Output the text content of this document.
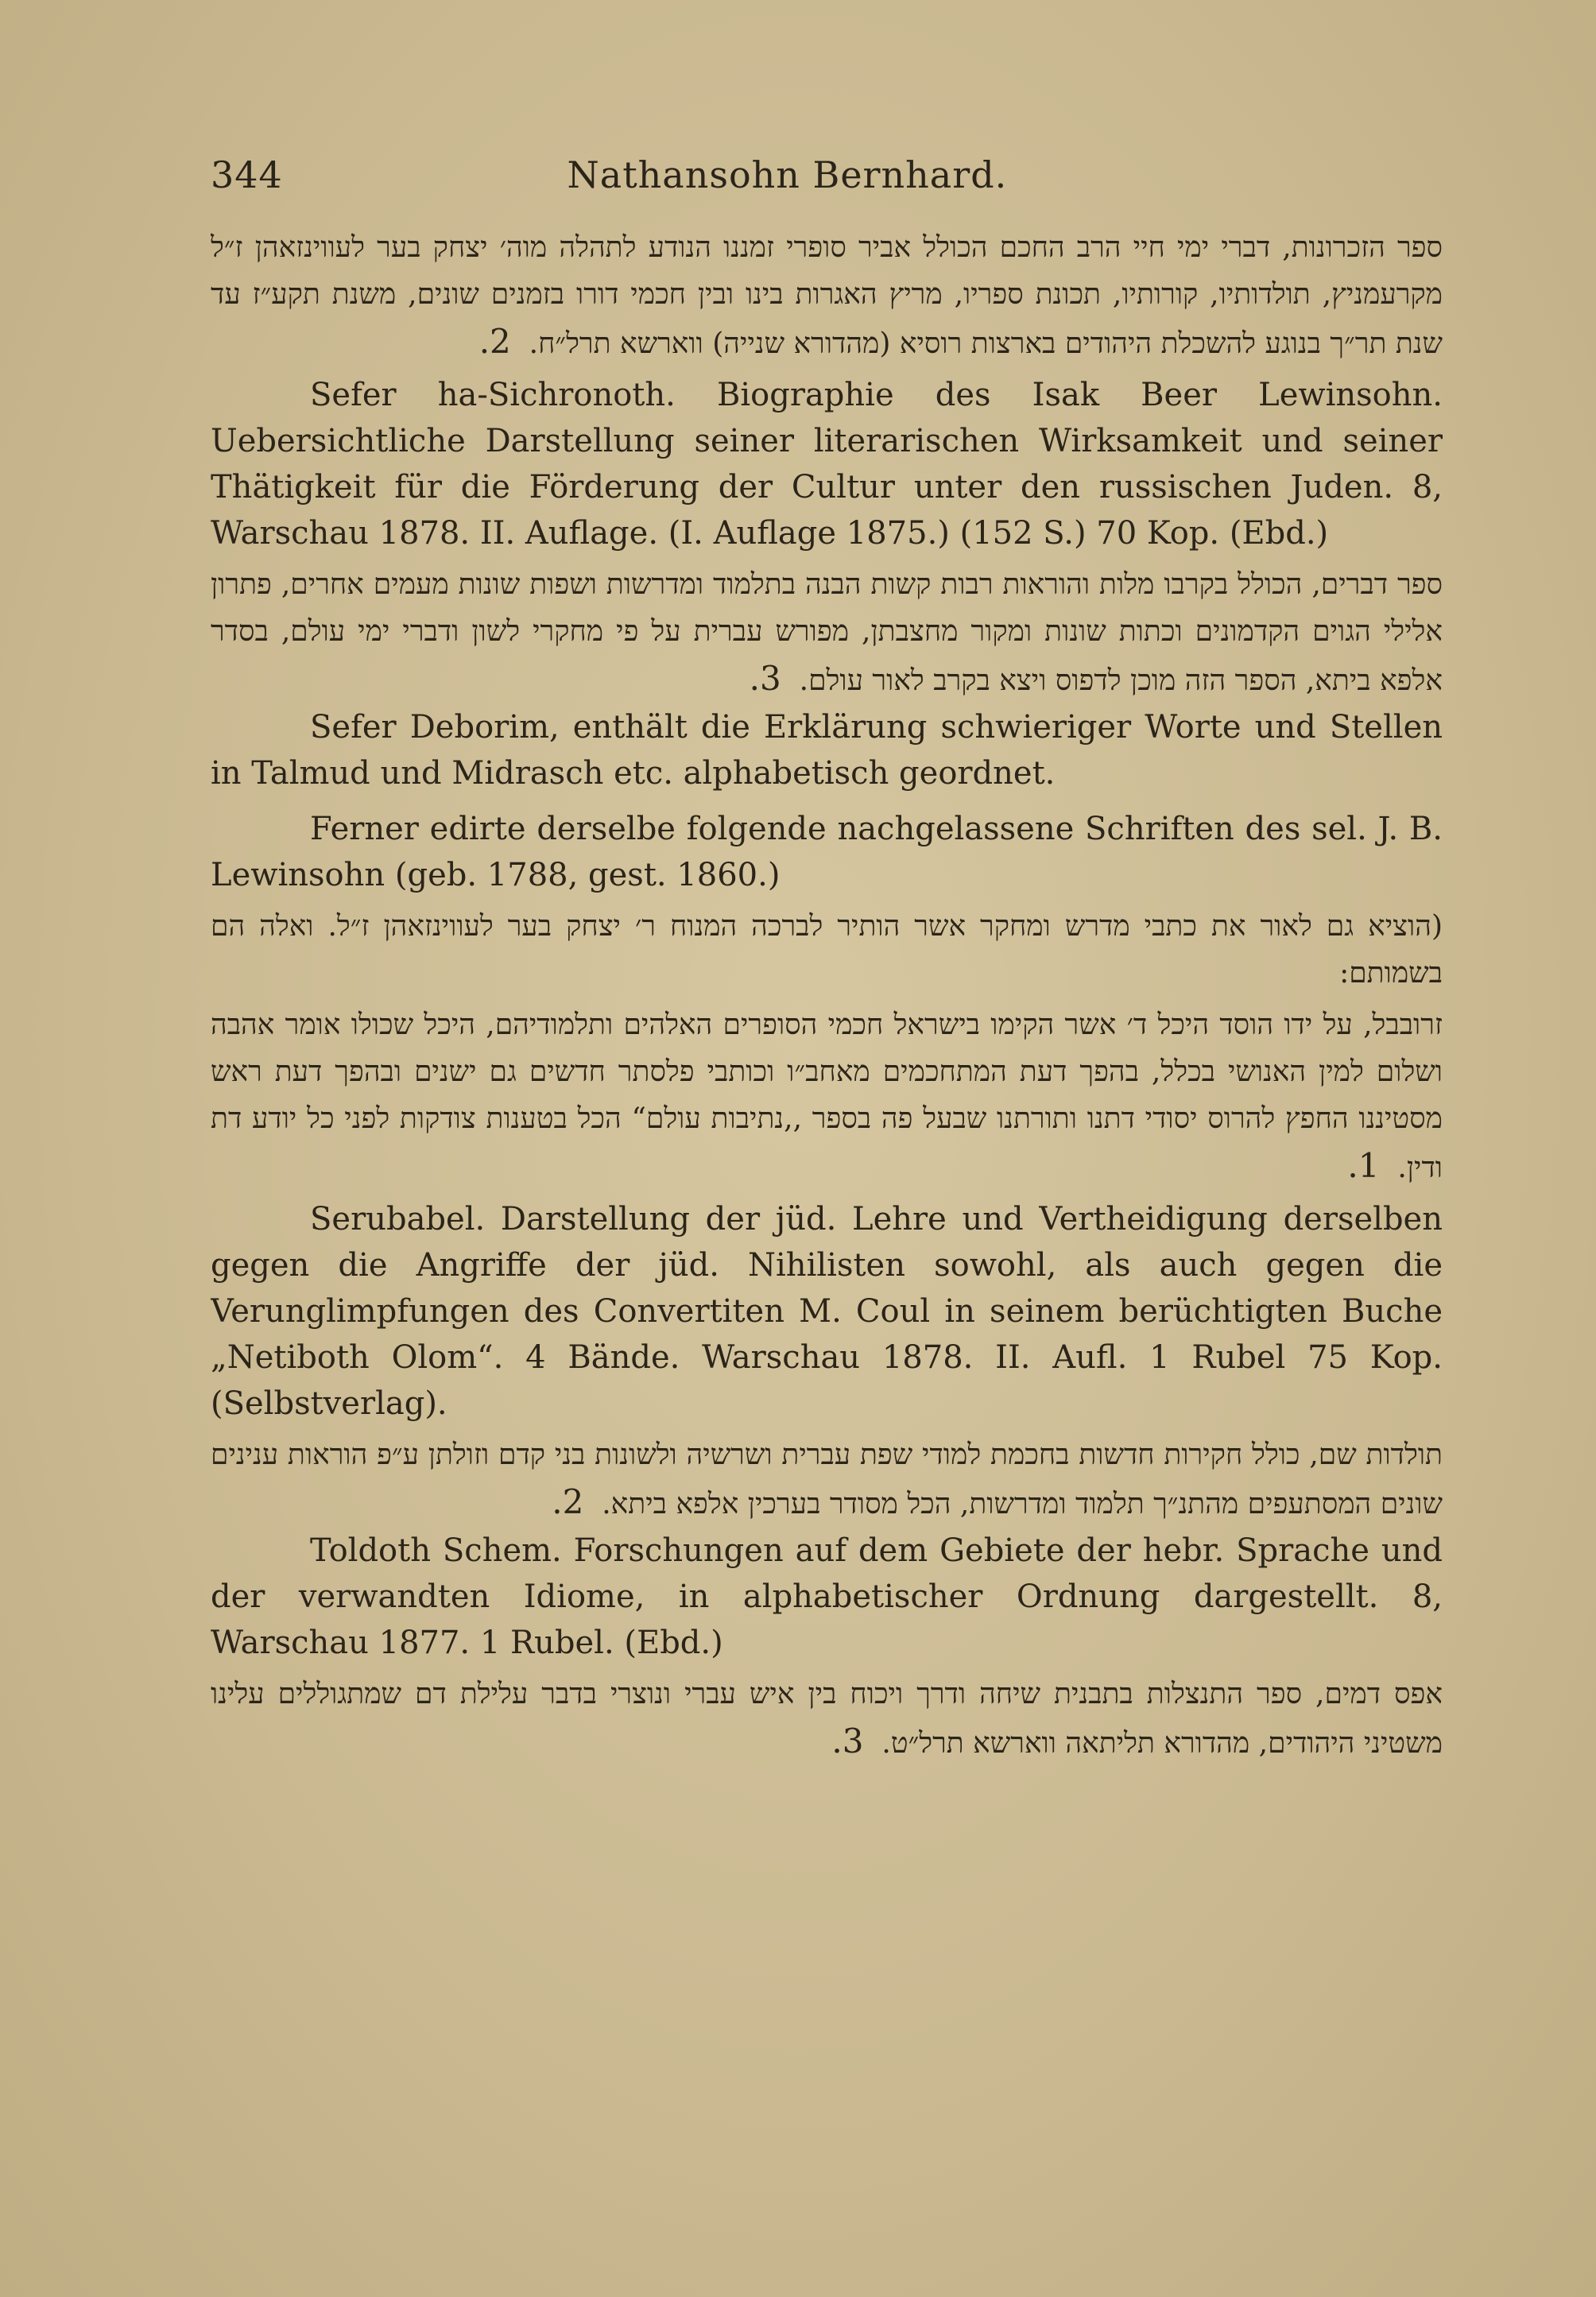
344	Nathansohn Bernhard.

ספר הזכרונות, דברי ימי חיי הרב החכם הכולל אביר סופרי זמננו הנודע לתהלה מוה׳ יצחק בער לעווינזאהן ז״ל מקרעמניץ, תולדותיו, קורותיו, תכונת ספריו, מריץ האגרות בינו ובין חכמי דורו בזמנים שונים, משנת תקע״ז עד שנת תר״ך בנוגע להשכלת היהודים בארצות רוסיא (מהדורא שנייה) ווארשא תרל״ח.  2.

Sefer ha-Sichronoth. Biographie des Isak Beer Lewinsohn. Uebersichtliche Darstellung seiner literarischen Wirksamkeit und seiner Thätigkeit für die Förderung der Cultur unter den russischen Juden. 8, Warschau 1878. II. Auflage. (I. Auflage 1875.) (152 S.) 70 Kop. (Ebd.)

ספר דברים, הכולל בקרבו מלות והוראות רבות קשות הבנה בתלמוד ומדרשות ושפות שונות מעמים אחרים, פתרון אלילי הגוים הקדמונים וכתות שונות ומקור מחצבתן, מפורש עברית על פי מחקרי לשון ודברי ימי עולם, בסדר אלפא ביתא, הספר הזה מוכן לדפוס ויצא בקרב לאור עולם.  3.

Sefer Deborim, enthält die Erklärung schwieriger Worte und Stellen in Talmud und Midrasch etc. alphabetisch geordnet.

Ferner edirte derselbe folgende nachgelassene Schriften des sel. J. B. Lewinsohn (geb. 1788, gest. 1860.)

(הוציא גם לאור את כתבי מדרש ומחקר אשר הותיר לברכה המנוח ר׳ יצחק בער לעווינזאהן ז״ל. ואלה הם בשמותם:

זרובבל, על ידו הוסד היכל ד׳ אשר הקימו בישראל חכמי הסופרים האלהים ותלמודיהם, היכל שכולו אומר אהבה ושלום למין האנושי בכלל, בהפך דעת המתחכמים מאחב״ו וכותבי פלסתר חדשים גם ישנים ובהפך דעת ראש מסטיננו החפץ להרוס יסודי דתנו ותורתנו שבעל פה בספר ,,נתיבות עולם“ הכל בטענות צודקות לפני כל יודע דת ודין.  1.

Serubabel. Darstellung der jüd. Lehre und Vertheidigung derselben gegen die Angriffe der jüd. Nihilisten sowohl, als auch gegen die Verunglimpfungen des Convertiten M. Coul in seinem berüchtigten Buche „Netiboth Olom“. 4 Bände. Warschau 1878. II. Aufl. 1 Rubel 75 Kop. (Selbstverlag).

תולדות שם, כולל חקירות חדשות בחכמת למודי שפת עברית ושרשיה ולשונות בני קדם וזולתן ע״פ הוראות ענינים שונים המסתעפים מהתנ״ך תלמוד ומדרשות, הכל מסודר בערכין אלפא ביתא.  2.

Toldoth Schem. Forschungen auf dem Gebiete der hebr. Sprache und der verwandten Idiome, in alphabetischer Ordnung dargestellt. 8, Warschau 1877. 1 Rubel. (Ebd.)

אפס דמים, ספר התנצלות בתבנית שיחה ודרך ויכוח בין איש עברי ונוצרי בדבר עלילת דם שמתגוללים עלינו משטיני היהודים, מהדורא תליתאה ווארשא תרל״ט.  3.
